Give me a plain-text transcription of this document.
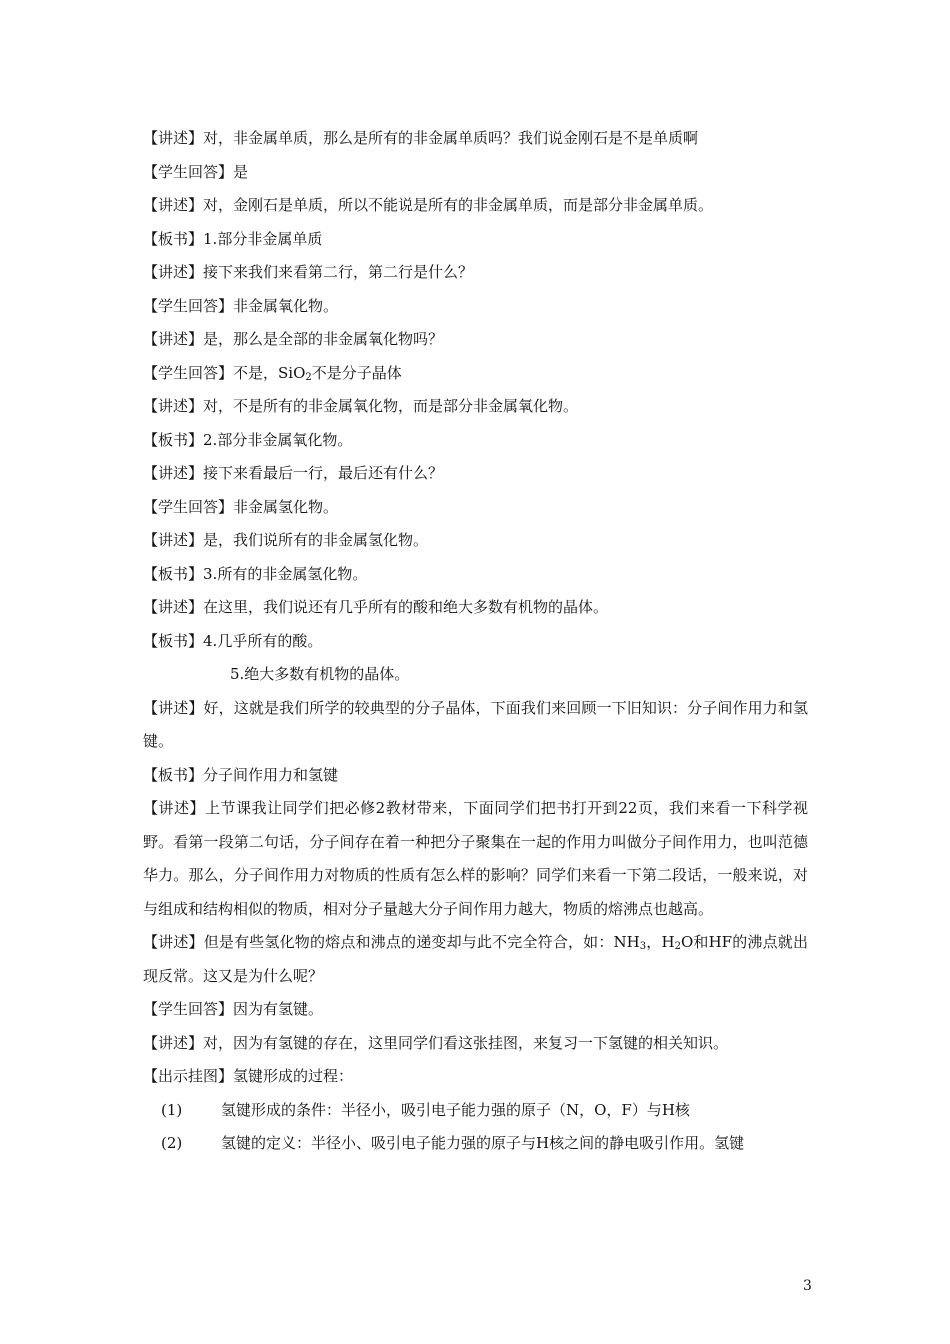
【讲述】对，非金属单质，那么是所有的非金属单质吗？我们说金刚石是不是单质啊
【学生回答】是
【讲述】对，金刚石是单质，所以不能说是所有的非金属单质，而是部分非金属单质。
【板书】1.部分非金属单质
【讲述】接下来我们来看第二行，第二行是什么？
【学生回答】非金属氧化物。
【讲述】是，那么是全部的非金属氧化物吗？
【学生回答】不是，SiO$_2$不是分子晶体
【讲述】对，不是所有的非金属氧化物，而是部分非金属氧化物。
【板书】2.部分非金属氧化物。
【讲述】接下来看最后一行，最后还有什么？
【学生回答】非金属氢化物。
【讲述】是，我们说所有的非金属氢化物。
【板书】3.所有的非金属氢化物。
【讲述】在这里，我们说还有几乎所有的酸和绝大多数有机物的晶体。
【板书】4.几乎所有的酸。
5.绝大多数有机物的晶体。
【讲述】好，这就是我们所学的较典型的分子晶体，下面我们来回顾一下旧知识：分子间作用力和氢键。
【板书】分子间作用力和氢键
【讲述】上节课我让同学们把必修2教材带来，下面同学们把书打开到22页，我们来看一下科学视野。看第一段第二句话，分子间存在着一种把分子聚集在一起的作用力叫做分子间作用力，也叫范德华力。那么，分子间作用力对物质的性质有怎么样的影响？同学们来看一下第二段话，一般来说，对与组成和结构相似的物质，相对分子量越大分子间作用力越大，物质的熔沸点也越高。
【讲述】但是有些氢化物的熔点和沸点的递变却与此不完全符合，如：$NH_3$，$H_2O$和HF的沸点就出现反常。这又是为什么呢？
【学生回答】因为有氢键。
【讲述】对，因为有氢键的存在，这里同学们看这张挂图，来复习一下氢键的相关知识。
【出示挂图】氢键形成的过程：
(1)	氢键形成的条件：半径小，吸引电子能力强的原子（N，O，F）与H核
(2)	氢键的定义：半径小、吸引电子能力强的原子与H核之间的静电吸引作用。氢键
3
